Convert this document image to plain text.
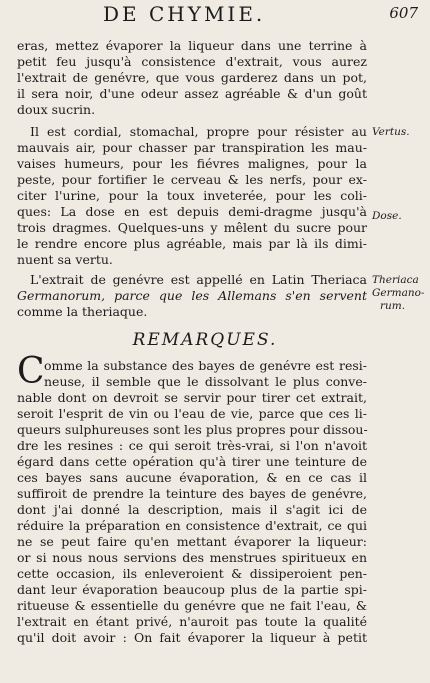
DE CHYMIE.	607
eras, mettez évaporer la liqueur dans une terrine à
petit feu jusqu'à consistence d'extrait, vous aurez
l'extrait de genévre, que vous garderez dans un pot,
il sera noir, d'une odeur assez agréable & d'un goût
doux sucrin.
Il est cordial, stomachal, propre pour résister au
mauvais air, pour chasser par transpiration les mau-
vaises humeurs, pour les fiévres malignes, pour la
peste, pour fortifier le cerveau & les nerfs, pour ex-
citer l'urine, pour la toux inveterée, pour les coli-
ques: La dose en est depuis demi-dragme jusqu'à
trois dragmes. Quelques-uns y mêlent du sucre pour
le rendre encore plus agréable, mais par là ils dimi-
nuent sa vertu.
L'extrait de genévre est appellé en Latin Theriaca
Germanorum, parce que les Allemans s'en servent
comme la theriaque.
Vertus.
Dose.
Theriaca
Germano-
rum.
REMARQUES.
C omme la substance des bayes de genévre est resi-
neuse, il semble que le dissolvant le plus conve-
nable dont on devroit se servir pour tirer cet extrait,
seroit l'esprit de vin ou l'eau de vie, parce que ces li-
queurs sulphureuses sont les plus propres pour dissou-
dre les resines : ce qui seroit très-vrai, si l'on n'avoit
égard dans cette opération qu'à tirer une teinture de
ces bayes sans aucune évaporation, & en ce cas il
suffiroit de prendre la teinture des bayes de genévre,
dont j'ai donné la description, mais il s'agit ici de
réduire la préparation en consistence d'extrait, ce qui
ne se peut faire qu'en mettant évaporer la liqueur:
or si nous nous servions des menstrues spiritueux en
cette occasion, ils enleveroient & dissiperoient pen-
dant leur évaporation beaucoup plus de la partie spi-
ritueuse & essentielle du genévre que ne fait l'eau, &
l'extrait en étant privé, n'auroit pas toute la qualité
qu'il doit avoir : On fait évaporer la liqueur à petit
